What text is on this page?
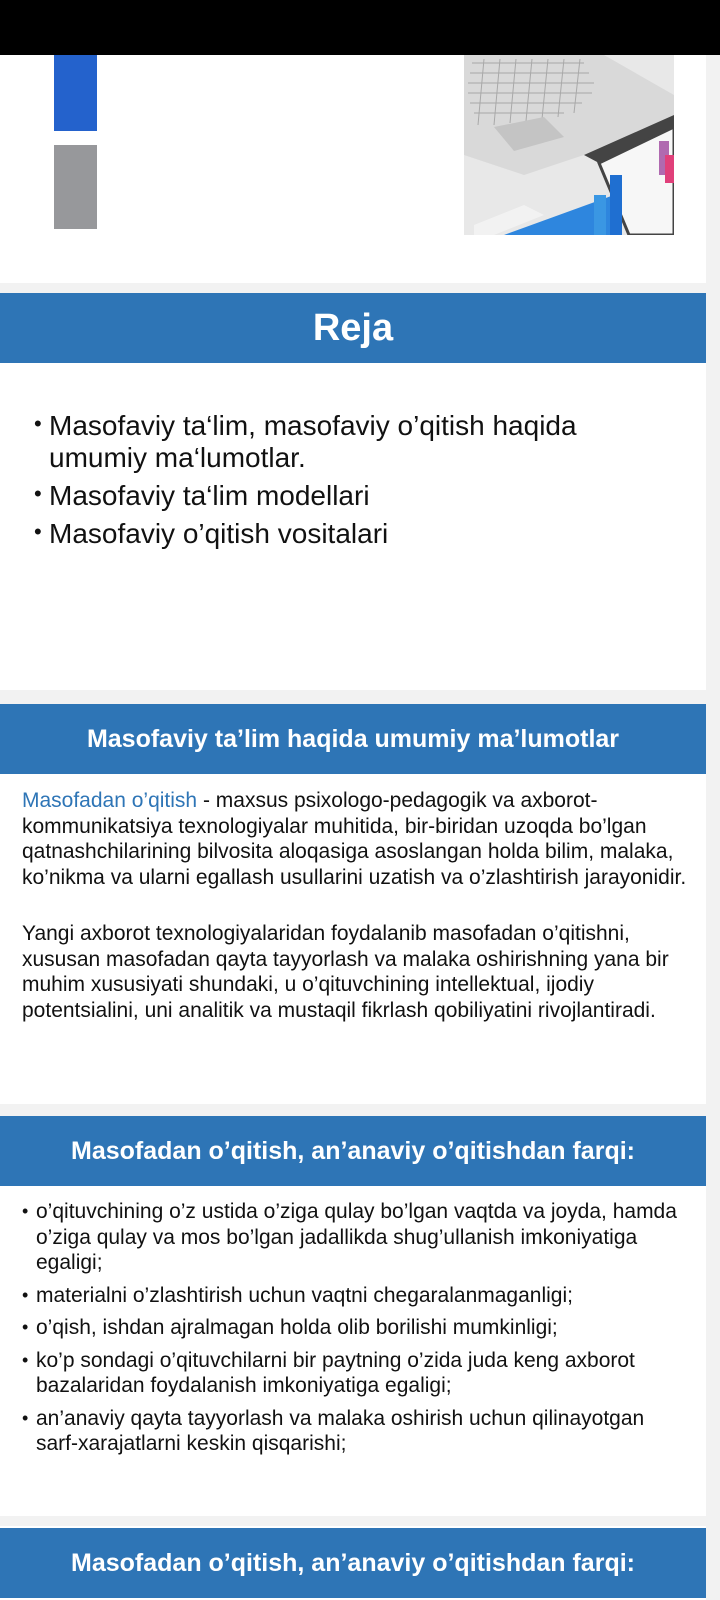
Reja
• Masofaviy ta‘lim, masofaviy o’qitish haqida umumiy ma‘lumotlar.
• Masofaviy ta‘lim modellari
• Masofaviy o’qitish vositalari
Masofaviy ta’lim haqida umumiy ma’lumotlar

Masofadan o’qitish - maxsus psixologo-pedagogik va axborot-kommunikatsiya texnologiyalar muhitida, bir-biridan uzoqda bo’lgan qatnashchilarining bilvosita aloqasiga asoslangan holda bilim, malaka, ko’nikma va ularni egallash usullarini uzatish va o’zlashtirish jarayonidir.

Yangi axborot texnologiyalaridan foydalanib masofadan o’qitishni, xususan masofadan qayta tayyorlash va malaka oshirishning yana bir muhim xususiyati shundaki, u o’qituvchining intellektual, ijodiy potentsialini, uni analitik va mustaqil fikrlash qobiliyatini rivojlantiradi.

Masofadan o’qitish, an’anaviy o’qitishdan farqi:
• o’qituvchining o’z ustida o’ziga qulay bo’lgan vaqtda va joyda, hamda o’ziga qulay va mos bo’lgan jadallikda shug’ullanish imkoniyatiga egaligi;
• materialni o’zlashtirish uchun vaqtni chegaralanmaganligi;
• o’qish, ishdan ajralmagan holda olib borilishi mumkinligi;
• ko’p sondagi o’qituvchilarni bir paytning o’zida juda keng axborot bazalaridan foydalanish imkoniyatiga egaligi;
• an’anaviy qayta tayyorlash va malaka oshirish uchun qilinayotgan sarf-xarajatlarni keskin qisqarishi;
Masofadan o’qitish, an’anaviy o’qitishdan farqi:
